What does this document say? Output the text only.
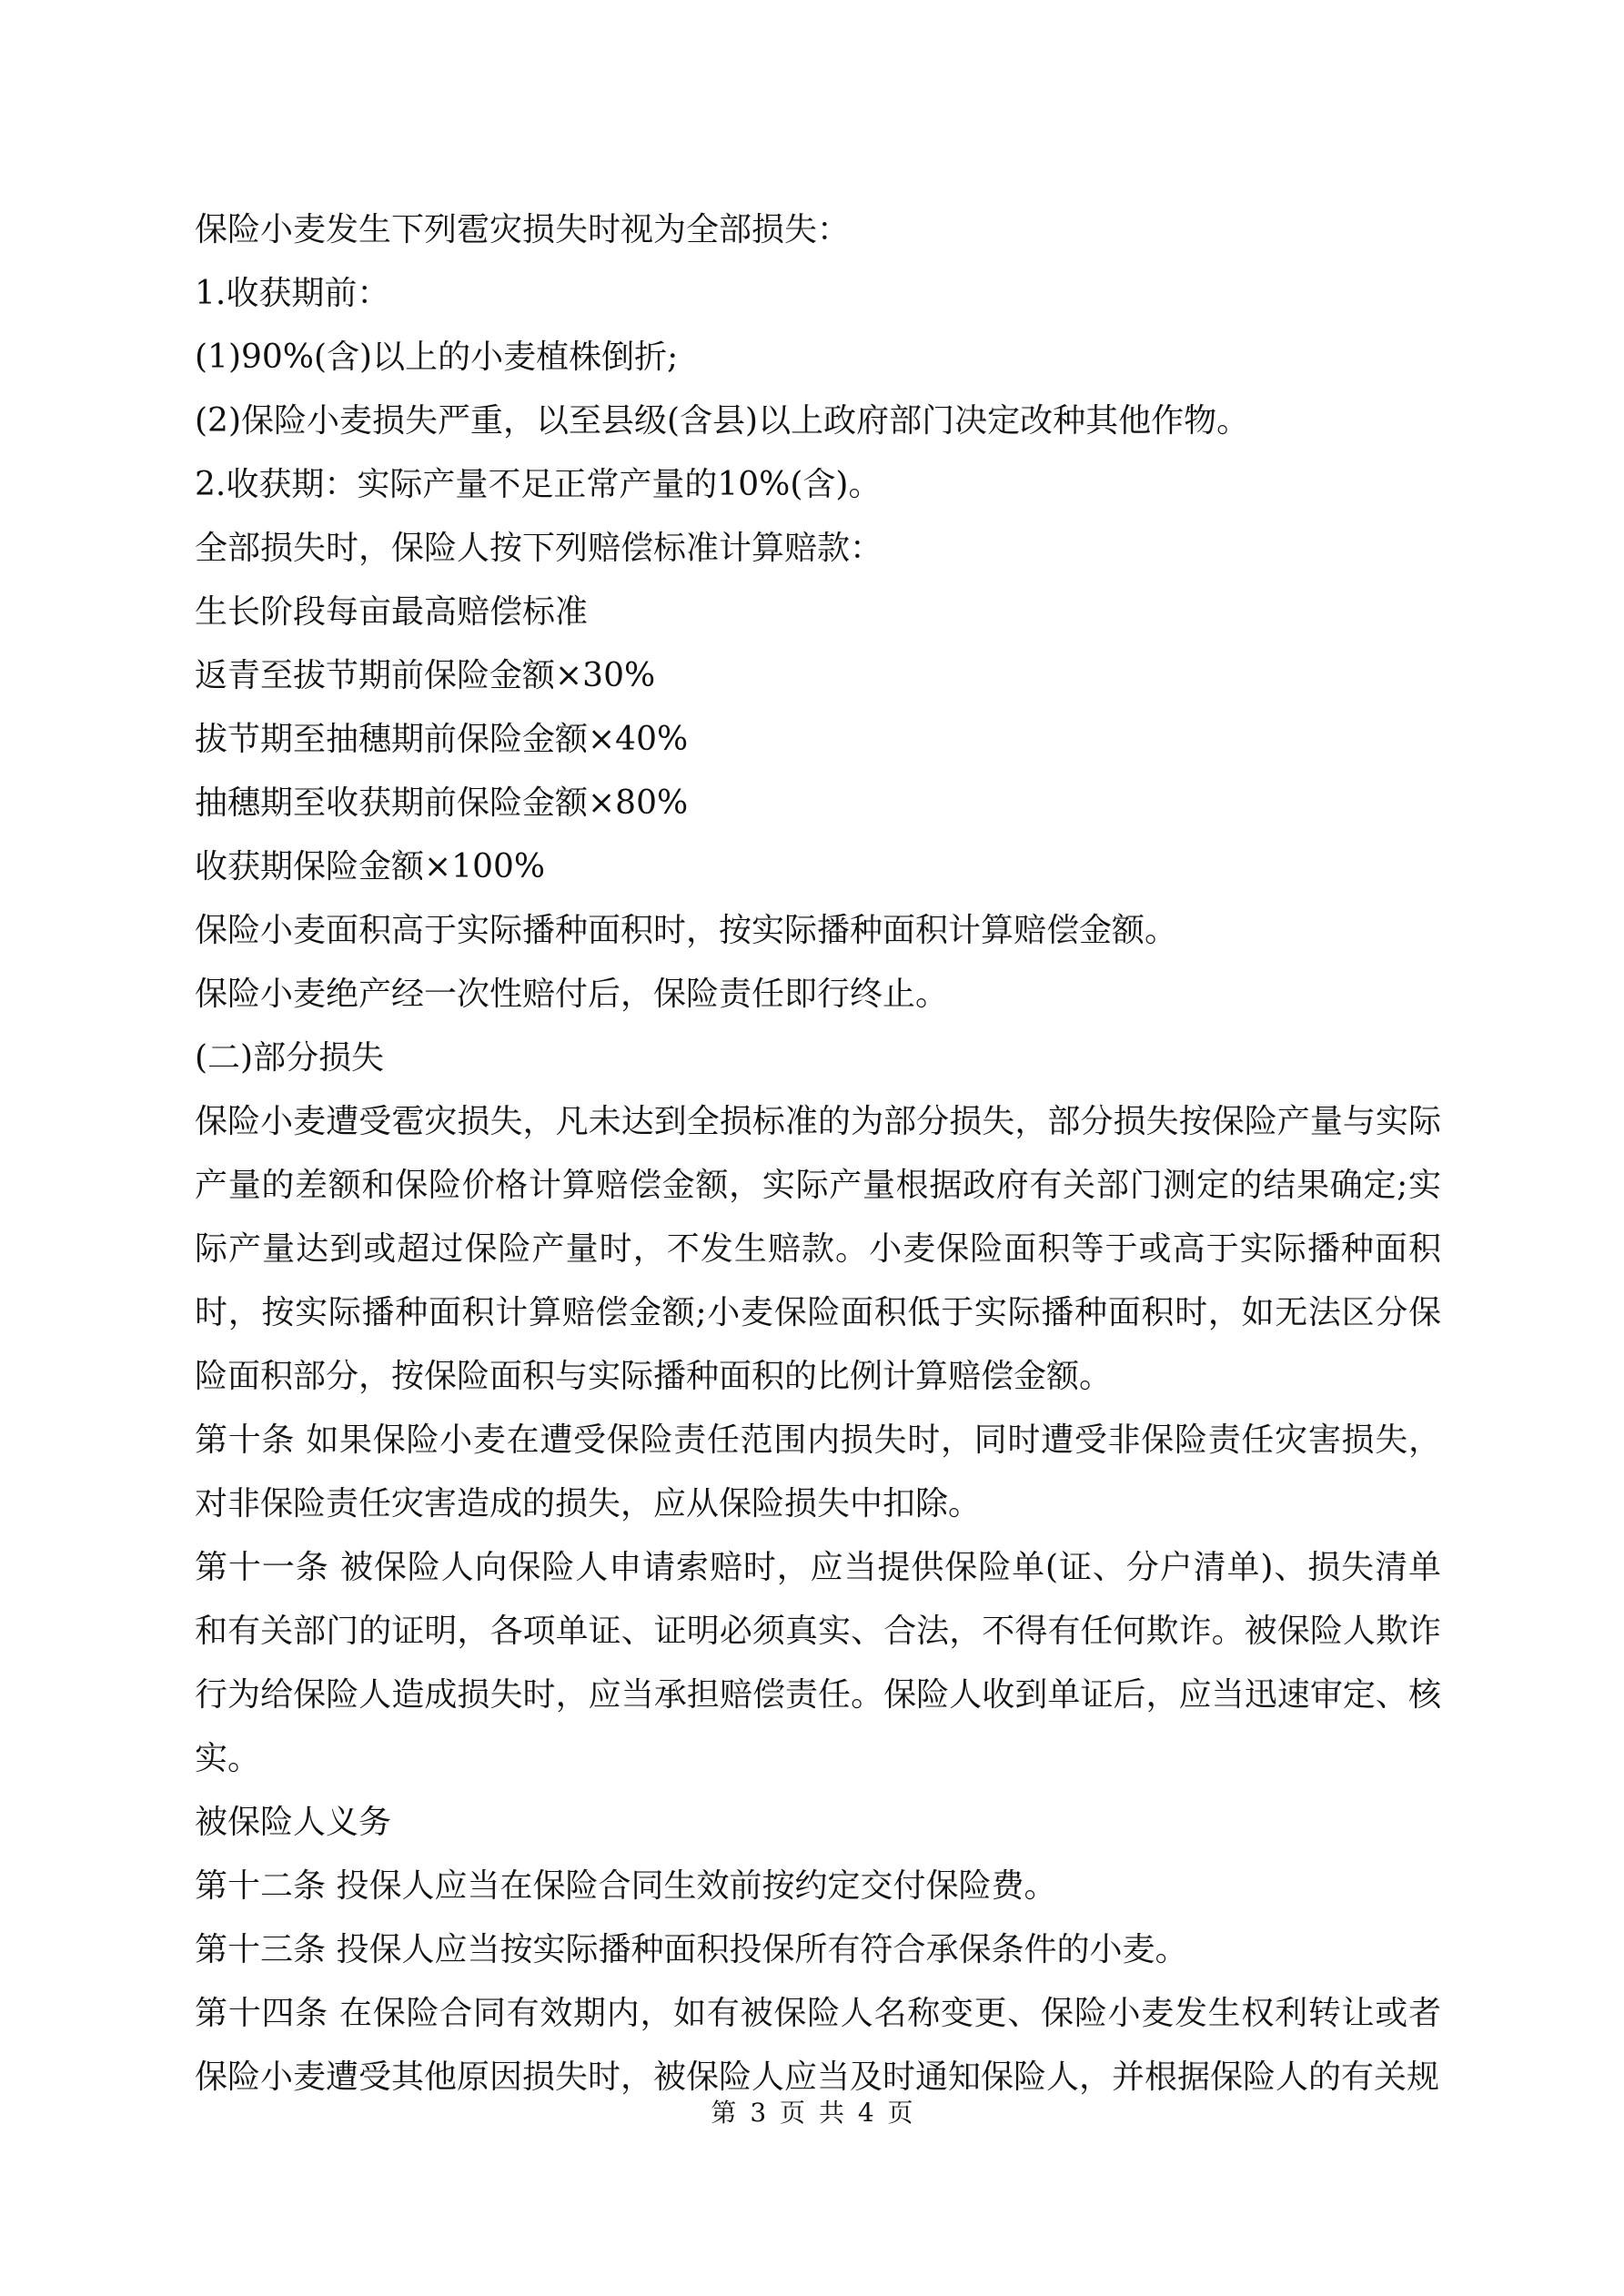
保险小麦发生下列雹灾损失时视为全部损失：

1.收获期前：

(1)90%(含)以上的小麦植株倒折;

(2)保险小麦损失严重，以至县级(含县)以上政府部门决定改种其他作物。

2.收获期：实际产量不足正常产量的10%(含)。

全部损失时，保险人按下列赔偿标准计算赔款：

生长阶段每亩最高赔偿标准

返青至拔节期前保险金额×30%

拔节期至抽穗期前保险金额×40%

抽穗期至收获期前保险金额×80%

收获期保险金额×100%

保险小麦面积高于实际播种面积时，按实际播种面积计算赔偿金额。

保险小麦绝产经一次性赔付后，保险责任即行终止。

(二)部分损失

保险小麦遭受雹灾损失，凡未达到全损标准的为部分损失，部分损失按保险产量与实际产量的差额和保险价格计算赔偿金额，实际产量根据政府有关部门测定的结果确定;实际产量达到或超过保险产量时，不发生赔款。小麦保险面积等于或高于实际播种面积时，按实际播种面积计算赔偿金额;小麦保险面积低于实际播种面积时，如无法区分保险面积部分，按保险面积与实际播种面积的比例计算赔偿金额。

第十条 如果保险小麦在遭受保险责任范围内损失时，同时遭受非保险责任灾害损失，对非保险责任灾害造成的损失，应从保险损失中扣除。

第十一条 被保险人向保险人申请索赔时，应当提供保险单(证、分户清单)、损失清单和有关部门的证明，各项单证、证明必须真实、合法，不得有任何欺诈。被保险人欺诈行为给保险人造成损失时，应当承担赔偿责任。保险人收到单证后，应当迅速审定、核实。

被保险人义务

第十二条 投保人应当在保险合同生效前按约定交付保险费。

第十三条 投保人应当按实际播种面积投保所有符合承保条件的小麦。

第十四条 在保险合同有效期内，如有被保险人名称变更、保险小麦发生权利转让或者保险小麦遭受其他原因损失时，被保险人应当及时通知保险人，并根据保险人的有关规

第 3 页 共 4 页
